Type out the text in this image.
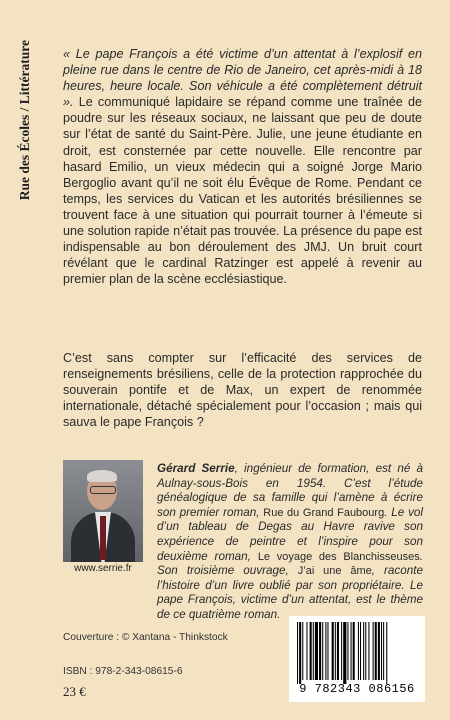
Rue des Écoles / Littérature « Le pape François a été victime d’un attentat à l’explosif en pleine rue dans le centre de Rio de Janeiro, cet après-midi à 18 heures, heure locale. Son véhicule a été complètement détruit ». Le communiqué lapidaire se répand comme une traînée de poudre sur les réseaux sociaux, ne laissant que peu de doute sur l’état de santé du Saint-Père. Julie, une jeune étudiante en droit, est consternée par cette nouvelle. Elle rencontre par hasard Emilio, un vieux médecin qui a soigné Jorge Mario Bergoglio avant qu’il ne soit élu Évêque de Rome. Pendant ce temps, les services du Vatican et les autorités brésiliennes se trouvent face à une situation qui pourrait tourner à l’émeute si une solution rapide n’était pas trouvée. La présence du pape est indispensable au bon déroulement des JMJ. Un bruit court révélant que le cardinal Ratzinger est appelé à revenir au premier plan de la scène ecclésiastique.

C’est sans compter sur l’efficacité des services de renseignements brésiliens, celle de la protection rapprochée du souverain pontife et de Max, un expert de renommée internationale, détaché spécialement pour l’occasion ; mais qui sauva le pape François ?

www.serrie.fr

Gérard Serrie, ingénieur de formation, est né à Aulnay-sous-Bois en 1954. C’est l’étude généalogique de sa famille qui l’amène à écrire son premier roman, Rue du Grand Faubourg. Le vol d’un tableau de Degas au Havre ravive son expérience de peintre et l’inspire pour son deuxième roman, Le voyage des Blanchisseuses. Son troisième ouvrage, J’ai une âme, raconte l’histoire d’un livre oublié par son propriétaire. Le pape François, victime d’un attentat, est le thème de ce quatrième roman.

Couverture : © Xantana - Thinkstock
ISBN : 978-2-343-08615-6
23 €	9 782343 086156
